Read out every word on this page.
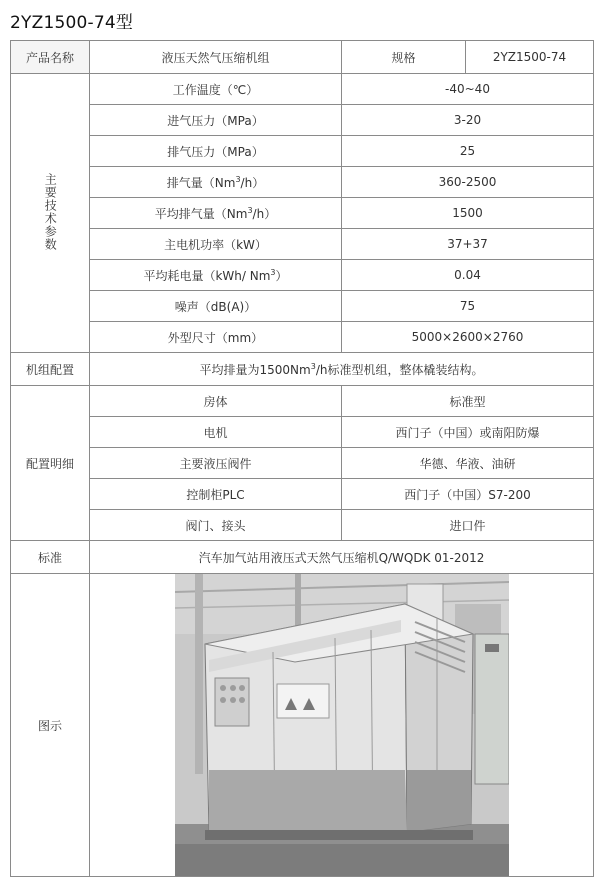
2YZ1500-74型
产品名称	液压天然气压缩机组	规格	2YZ1500-74
主要技术参数	工作温度（℃）	-40~40	
	进气压力（MPa）	3-20	
	排气压力（MPa）	25	
	排气量（Nm$^3$/h）	360-2500	
	平均排气量（Nm$^3$/h）	1500	
	主电机功率（kW）	37+37	
	平均耗电量（kWh/ Nm$^3$）	0.04	
	噪声（dB(A)）	75	
	外型尺寸（mm）	5000×2600×2760	
机组配置	平均排量为1500Nm$^3$/h标准型机组，整体橇装结构。		
配置明细	房体	标准型	
	电机	西门子（中国）或南阳防爆	
	主要液压阀件	华德、华液、油研	
	控制柜PLC	西门子（中国）S7-200	
	阀门、接头	进口件	
标准	汽车加气站用液压式天然气压缩机Q/WQDK 01-2012		
图示	
